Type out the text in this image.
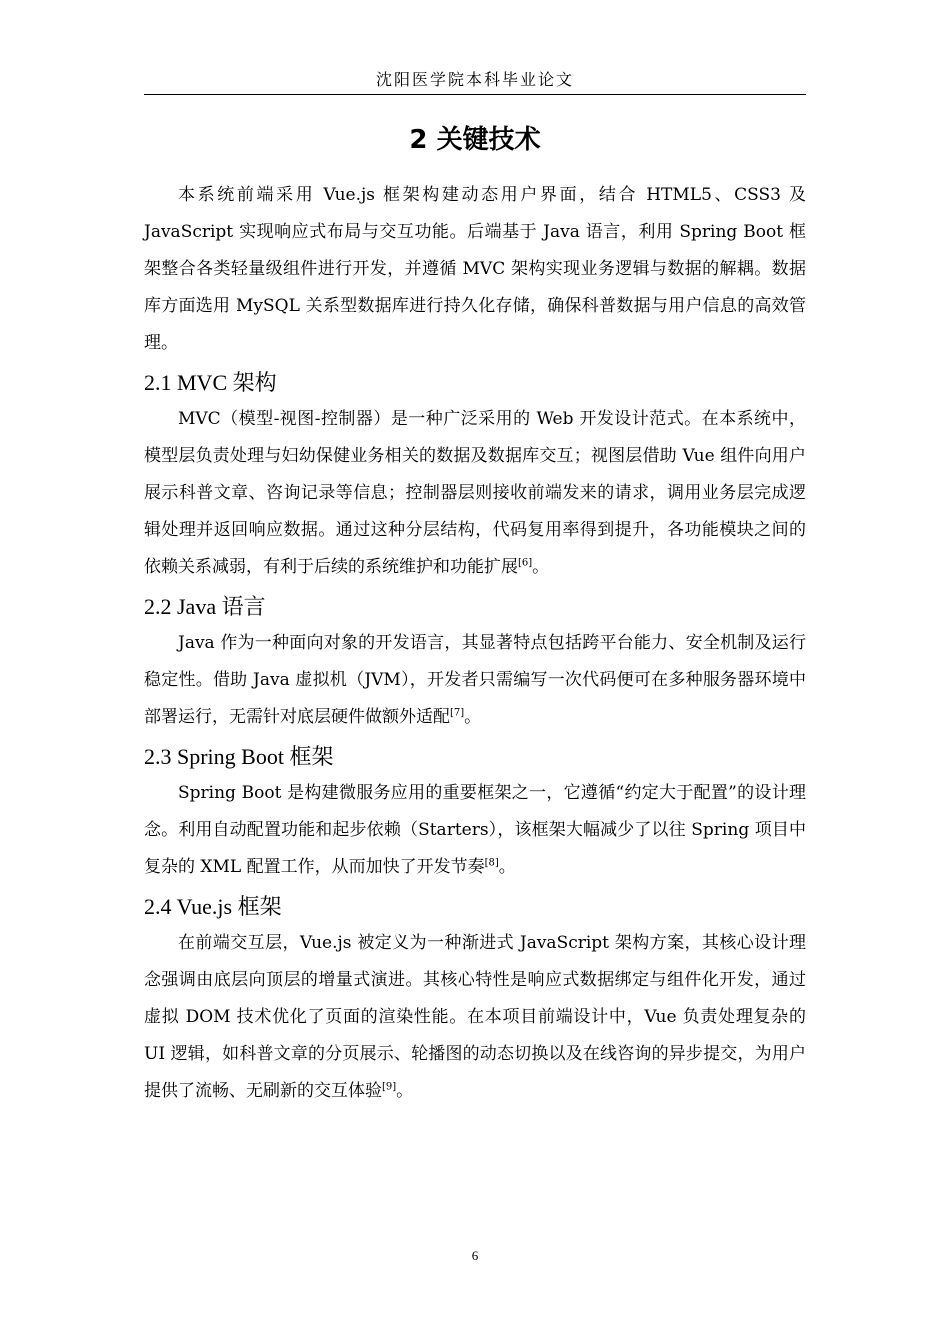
沈阳医学院本科毕业论文
2 关键技术

本系统前端采用 Vue.js 框架构建动态用户界面，结合 HTML5、CSS3 及 JavaScript 实现响应式布局与交互功能。后端基于 Java 语言，利用 Spring Boot 框架整合各类轻量级组件进行开发，并遵循 MVC 架构实现业务逻辑与数据的解耦。数据库方面选用 MySQL 关系型数据库进行持久化存储，确保科普数据与用户信息的高效管理。

2.1 MVC 架构

MVC（模型-视图-控制器）是一种广泛采用的 Web 开发设计范式。在本系统中，模型层负责处理与妇幼保健业务相关的数据及数据库交互；视图层借助 Vue 组件向用户展示科普文章、咨询记录等信息；控制器层则接收前端发来的请求，调用业务层完成逻辑处理并返回响应数据。通过这种分层结构，代码复用率得到提升，各功能模块之间的依赖关系减弱，有利于后续的系统维护和功能扩展[6]。

2.2 Java 语言

Java 作为一种面向对象的开发语言，其显著特点包括跨平台能力、安全机制及运行稳定性。借助 Java 虚拟机（JVM），开发者只需编写一次代码便可在多种服务器环境中部署运行，无需针对底层硬件做额外适配[7]。

2.3 Spring Boot 框架

Spring Boot 是构建微服务应用的重要框架之一，它遵循“约定大于配置”的设计理念。利用自动配置功能和起步依赖（Starters），该框架大幅减少了以往 Spring 项目中复杂的 XML 配置工作，从而加快了开发节奏[8]。

2.4 Vue.js 框架

在前端交互层，Vue.js 被定义为一种渐进式 JavaScript 架构方案，其核心设计理念强调由底层向顶层的增量式演进。其核心特性是响应式数据绑定与组件化开发，通过虚拟 DOM 技术优化了页面的渲染性能。在本项目前端设计中，Vue 负责处理复杂的 UI 逻辑，如科普文章的分页展示、轮播图的动态切换以及在线咨询的异步提交，为用户提供了流畅、无刷新的交互体验[9]。

6
